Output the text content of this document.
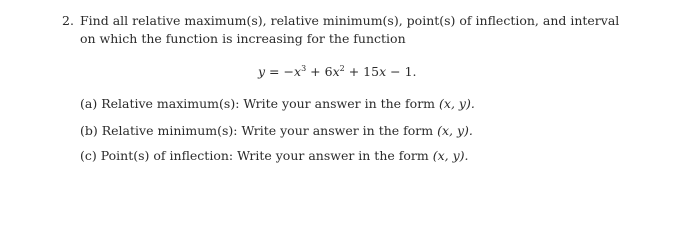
2. Find all relative maximum(s), relative minimum(s), point(s) of inflection, and interval
on which the function is increasing for the function
$y = -x^3 + 6x^2 + 15x - 1$.
(a) Relative maximum(s): Write your answer in the form (x, y).
(b) Relative minimum(s): Write your answer in the form (x, y).
(c) Point(s) of inflection: Write your answer in the form (x, y).
